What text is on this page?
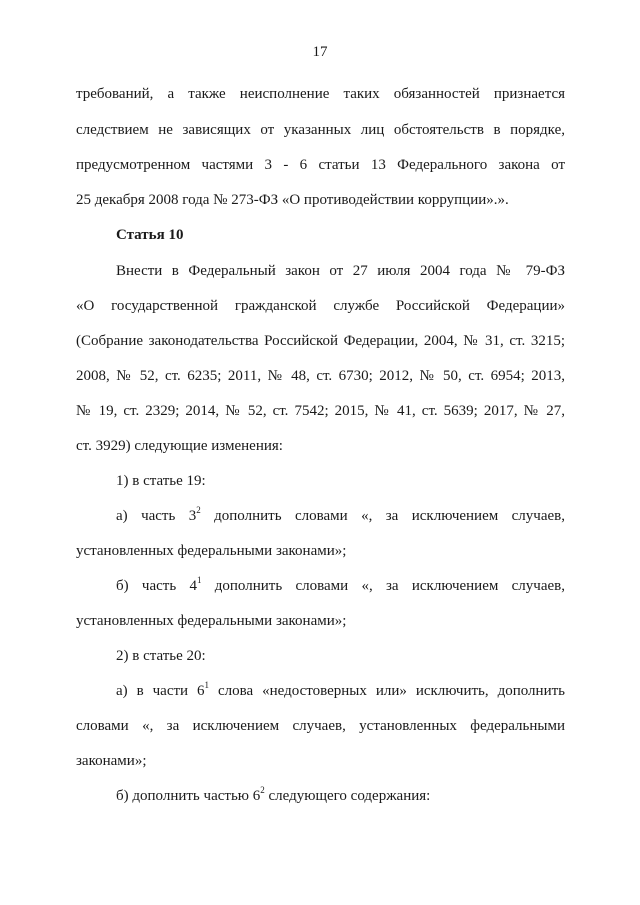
17
требований, а также неисполнение таких обязанностей признается
следствием не зависящих от указанных лиц обстоятельств в порядке,
предусмотренном частями 3 - 6 статьи 13 Федерального закона от
25 декабря 2008 года № 273-ФЗ «О противодействии коррупции».».
Статья 10
Внести в Федеральный закон от 27 июля 2004 года № 79-ФЗ
«О государственной гражданской службе Российской Федерации»
(Собрание законодательства Российской Федерации, 2004, № 31, ст. 3215;
2008, № 52, ст. 6235; 2011, № 48, ст. 6730; 2012, № 50, ст. 6954; 2013,
№ 19, ст. 2329; 2014, № 52, ст. 7542; 2015, № 41, ст. 5639; 2017, № 27,
ст. 3929) следующие изменения:
1) в статье 19:
а) часть $3^2$ дополнить словами «, за исключением случаев,
установленных федеральными законами»;
б) часть $4^1$ дополнить словами «, за исключением случаев,
установленных федеральными законами»;
2) в статье 20:
а) в части $6^1$ слова «недостоверных или» исключить, дополнить
словами «, за исключением случаев, установленных федеральными
законами»;
б) дополнить частью $6^2$ следующего содержания:
